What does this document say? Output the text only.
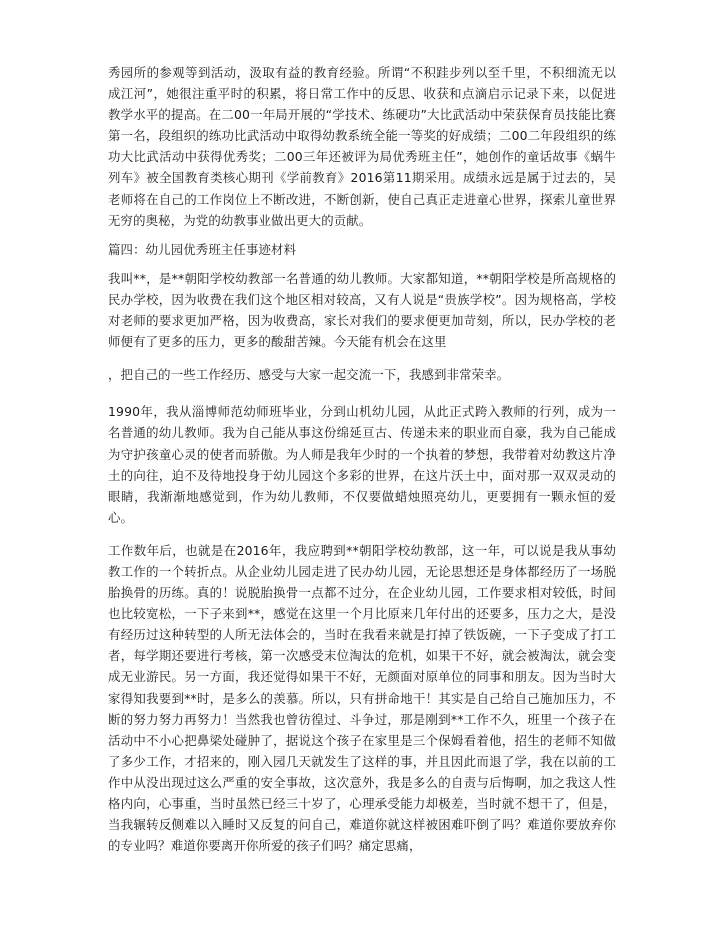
秀园所的参观等到活动，汲取有益的教育经验。所谓“不积跬步列以至千里，不积细流无以成江河”，她很注重平时的积累，将日常工作中的反思、收获和点滴启示记录下来，以促进教学水平的提高。在二00一年局开展的“学技术、练硬功”大比武活动中荣获保育员技能比赛第一名，段组织的练功比武活动中取得幼教系统全能一等奖的好成绩；二00二年段组织的练功大比武活动中获得优秀奖；二00三年还被评为局优秀班主任”，她创作的童话故事《蜗牛列车》被全国教育类核心期刊《学前教育》2016第11期采用。成绩永远是属于过去的，吴老师将在自己的工作岗位上不断改进，不断创新，使自己真正走进童心世界，探索儿童世界无穷的奥秘，为党的幼教事业做出更大的贡献。

篇四：幼儿园优秀班主任事迹材料

我叫**，是**朝阳学校幼教部一名普通的幼儿教师。大家都知道，**朝阳学校是所高规格的民办学校，因为收费在我们这个地区相对较高，又有人说是“贵族学校”。因为规格高，学校对老师的要求更加严格，因为收费高，家长对我们的要求便更加苛刻，所以，民办学校的老师便有了更多的压力，更多的酸甜苦辣。今天能有机会在这里

，把自己的一些工作经历、感受与大家一起交流一下，我感到非常荣幸。

1990年，我从淄博师范幼师班毕业，分到山机幼儿园，从此正式跨入教师的行列，成为一名普通的幼儿教师。我为自己能从事这份绵延亘古、传递未来的职业而自豪，我为自己能成为守护孩童心灵的使者而骄傲。为人师是我年少时的一个执着的梦想，我带着对幼教这片净土的向往，迫不及待地投身于幼儿园这个多彩的世界，在这片沃土中，面对那一双双灵动的眼睛，我渐渐地感觉到，作为幼儿教师，不仅要做蜡烛照亮幼儿，更要拥有一颗永恒的爱心。

工作数年后，也就是在2016年，我应聘到**朝阳学校幼教部，这一年，可以说是我从事幼教工作的一个转折点。从企业幼儿园走进了民办幼儿园，无论思想还是身体都经历了一场脱胎换骨的历练。真的！说脱胎换骨一点都不过分，在企业幼儿园，工作要求相对较低，时间也比较宽松，一下子来到**，感觉在这里一个月比原来几年付出的还要多，压力之大，是没有经历过这种转型的人所无法体会的，当时在我看来就是打掉了铁饭碗，一下子变成了打工者，每学期还要进行考核，第一次感受末位淘汰的危机，如果干不好，就会被淘汰，就会变成无业游民。另一方面，我还觉得如果干不好，无颜面对原单位的同事和朋友。因为当时大家得知我要到**时，是多么的羡慕。所以，只有拼命地干！其实是自己给自己施加压力，不断的努力努力再努力！当然我也曾彷徨过、斗争过，那是刚到**工作不久，班里一个孩子在活动中不小心把鼻梁处碰肿了，据说这个孩子在家里是三个保姆看着他，招生的老师不知做了多少工作，才招来的，刚入园几天就发生了这样的事，并且因此而退了学，我在以前的工作中从没出现过这么严重的安全事故，这次意外，我是多么的自责与后悔啊，加之我这人性格内向，心事重，当时虽然已经三十岁了，心理承受能力却极差，当时就不想干了，但是，当我辗转反侧难以入睡时又反复的问自己，难道你就这样被困难吓倒了吗？难道你要放弃你的专业吗？难道你要离开你所爱的孩子们吗？痛定思痛，
